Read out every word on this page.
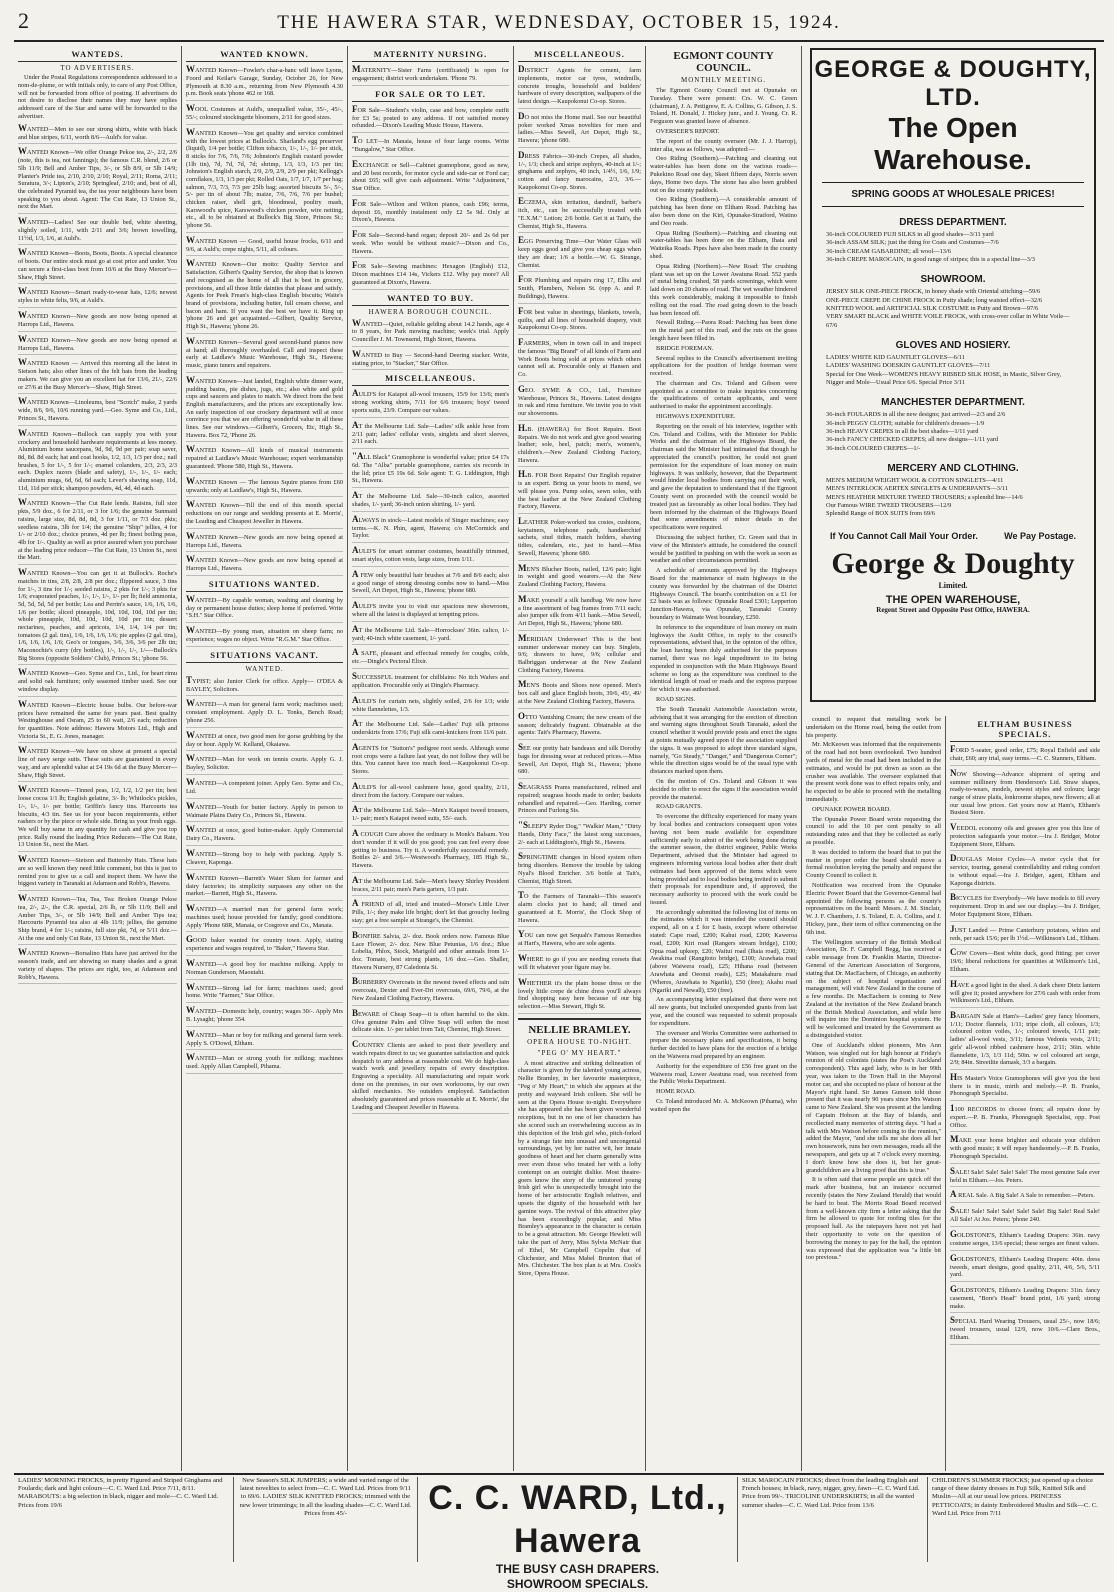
2	THE HAWERA STAR, WEDNESDAY, OCTOBER 15, 1924.
WANTEDS.
TO ADVERTISERS.

Under the Postal Regulations correspondence addressed to a nom-de-plume, or with initials only, to care of any Post Office, will not be forwarded from office of posting. If advertisers do not desire to disclose their names they may have replies addressed care of the Star and same will be forwarded to the advertiser.

WANTED—Men to see our strong shirts, white with black and blue stripes, 6/11, worth 8/6—Auld's for value.

WANTED Known—We offer Orange Pekoe tea, 2/-, 2/2, 2/6 (note, this is tea, not fannings); the famous C.R. blend, 2/6 or 5lb 11/9; Bell and Amber Tips, 3/-, or 5lb 8/9, or 5lb 14/9; Planter's Pride tea, 2/10, 2/10, 2/10; Royal, 2/11; Roma, 2/11; Suratura, 3/-; Lipton's, 2/10; Springleaf, 2/10; and, best of all, the celebrated Pyramid tea, the tea your neighbours have been speaking to you about. Agent: The Cut Rate, 13 Union St., next the Mart.

WANTED—Ladies! See our double bed, white sheeting, slightly soiled, 1/11, with 2/11 and 3/6; brown towelling, 11½d, 1/3, 1/6, at Auld's.

WANTED Known—Boots, Boots, Boots. A special clearance of boots. Our entire stock must go at cost price and under. You can secure a first-class boot from 10/6 at the Busy Mercer's—Shaw, High Street.

WANTED Known—Smart ready-to-wear hats, 12/6; newest styles in white felts, 9/6, at Auld's.

WANTED Known—New goods are now being opened at Harrops Ltd., Hawera.

WANTED Known—New goods are now being opened at Harrops Ltd., Hawera.

WANTED Known — Arrived this morning all the latest in Sietson hats; also other lines of the felt hats from the leading makers. We can give you an excellent hat for 13/6, 21/-, 22/6 or 27/6 at the Busy Mercer's—Shaw, High Street.

WANTED Known—Linoleums, best "Scotch" make, 2 yards wide, 8/6, 9/6, 10/6 running yard.—Geo. Syme and Co., Ltd., Princes St., Hawera.

WANTED Known—Bullock can supply you with your crockery and household hardware requirements at less money. Aluminium home saucepans, 9d, 9d, 9d per pair; soap saver, 8d, 8d. 8d each; hat and coat hooks, 1/2, 1/3, 1/3 per doz.; nail brushes, 5 for 1/-, 5 for 1/-; enamel colanders, 2/3, 2/3, 2/3 each. Duplex razors (blade and safety), 1/-, 1/-, 1/- each; aluminium mugs, 6d, 6d, 6d each; Lever's shaving soap, 11d, 11d, 11d per stick; shampoo powders, 4d, 4d, 4d each.

WANTED Known—The Cut Rate lends. Raisins, full size pkts, 5/9 doz., 6 for 2/11, or 3 for 1/6; the genuine Sunmaid raisins, large size, 8d, 8d, 8d, 3 for 1/11, or 7/3 doz. pkts; seedless raisins, 3lb for 1/4; the genuine "Ship" jellies, 4 for 1/- or 2/10 doz.; choice prunes, 4d per lb; finest boiling peas, 4lb for 1/-. Quality as well as price assured when you purchase at the leading price reducer—The Cut Rate, 13 Union St., next the Mart.

WANTED Known—You can get it at Bullock's. Roche's matches in tins, 2/8, 2/8, 2/8 per doz.; flippered sauce, 3 tins for 1/-, 3 tins for 1/-; seeded raisins, 2 pkts for 1/-; 3 pkts for 1/6; evaporated peaches, 1/-, 1/-, 1/-, 1/- per lb; field ammonia, 5d, 5d, 5d, 5d per bottle; Lea and Perrin's sauce, 1/6, 1/6, 1/6, 1/6 per bottle; sliced pineapple, 10d, 10d, 10d, 10d per tin; whole pineapple, 10d, 10d, 10d, 10d per tin; dessert nectarines, peaches, and apricots, 1/4, 1/4, 1/4 per tin; tomatoes (2 gal. tins), 1/6, 1/6, 1/6, 1/6; pie apples (2 gal. tins), 1/6, 1/6, 1/6, 1/6; Geo's or tongues, 3/6, 3/6, 3/6 per 2lb tin; Maconochie's curry (dry bottles), 1/-, 1/-, 1/-, 1/-—Bullock's Big Stores (opposite Soldiers' Club), Princes St.; 'phone 56.

WANTED Known—Geo. Syme and Co., Ltd., for heart rimu and solid oak furniture; only seasoned timber used. See our window display.

WANTED Known—Electric house bulbs. Our before-war prices have remained the same for years past. Best quality Westinghouse and Osram, 25 to 60 watt, 2/6 each; reduction for quantities. Note address: Hawera Motors Ltd., High and Victoria St., E. G. Jones, manager.

WANTED Known—We have on show at present a special line of navy serge suits. These suits are guaranteed in every way, and are splendid value at £4 19s 6d at the Busy Mercer—Shaw, High Street.

WANTED Known—Tinned peas, 1/2, 1/2, 1/2 per tin; best loose cocoa 1/1 lb; English gelatine, 3/- lb; Whitlock's pickles, 1/-, 1/-, 1/- per bottle; Griffin's fancy tins. Harcourts tea biscuits, 4/3 tin. See us for your bacon requirements, either rashers or by the piece or whole side. Bring us your fresh eggs. We will buy same in any quantity for cash and give you top price. Rally round the leading Price Reducers—The Cut Rate, 13 Union St., next the Mart.

WANTED Known—Stetson and Buttersby Hats. These hats are so well known they need little comment, but this is just to remind you to give us a call and inspect them. We have the biggest variety in Taranaki at Adamson and Robb's, Hawera.

WANTED Known—Tea, Tea, Tea: Broken Orange Pekoe tea, 2/-, 2/-, the C.R. special, 2/6 lb, or 5lb 11/9; Bell and Amber Tips, 3/-, or 5lb 14/9; Bell and Amber Tips tea; Harcourts Pyramid tea also at 4lb 11/9; jellies, the genuine Ship brand, 4 for 1/-; raisins, full size pkt, 7d, or 5/11 doz.—At the one and only Cut Rate, 13 Union St., next the Mart.

WANTED Known—Borsalino Hats have just arrived for the season's trade, and are showing so many shades and a great variety of shapes. The prices are right, too, at Adamson and Robb's, Hawera.

WANTED KNOWN.

WANTED Known—Fowler's char-a-banc will leave Lyons, Foord and Keilar's Garage, Sunday, October 26, for New Plymouth at 8.30 a.m., returning from New Plymouth 4.30 p.m. Book seats 'phone 462 or 168.

WOOL Costumes at Auld's, unequalled value, 35/-, 45/-, 55/-; coloured stockingette bloomers, 2/11 for good sizes.

WANTED Known—You get quality and service combined with the lowest prices at Bullock's. Sharland's egg preserver (liquid), 1/4 per bottle; Clifton tobacco, 1/-, 1/-, 1/- per stick, 8 sticks for 7/6, 7/6, 7/6; Johnston's English custard powder (1lb tin), 7d, 7d, 7d, 7d; shrimp, 1/3, 1/3, 1/3 per tin; Johnston's English starch, 2/9, 2/9, 2/9, 2/9 per pkt; Kellogg's cornflakes, 1/3, 1/3 per pkt; Rolled Oats, 1/7, 1/7, 1/7 per bag; salmon, 7/3, 7/3, 7/3 per 25lb bag; assorted biscuits 5/-, 5/-, 5/- per tin of about 7lb; maize, 7/6, 7/6, 7/6 per bushel; chicken raiser, shell grit, bloodmeal, poultry mash, Karswood's spice, Karswood's chicken powder, wire netting, etc., all to be obtained at Bullock's Big Store, Princes St.; 'phone 56.

WANTED Known — Good, useful house frocks, 6/11 and 9/6, at Auld's; crepe nights, 5/11, all colours.

WANTED Known—Our motto: Quality Service and Satisfaction. Gilbert's Quality Service, the shop that is known and recognised as the home of all that is best in grocery, provisions, and all those little dainties that please and satisfy. Agents for Peek Frean's high-class English biscuits; Waite's brand of provisions, including butter, full cream cheese, and bacon and ham. If you want the best we have it. Ring up 'phone 26 and get acquainted.—Gilbert, Quality Service, High St., Hawera; 'phone 26.

WANTED Known—Several good second-hand pianos now at hand; all thoroughly overhauled. Call and inspect these early at Laidlaw's Music Warehouse, High St., Hawera; music, piano tuners and repairers.

WANTED Known—Just landed, English white dinner ware, pudding basins, pie dishes, jugs, etc.; also white and gold cups and saucers and plates to match. We direct from the best English manufacturers, and the prices are exceptionally low. An early inspection of our crockery department will at once convince you that we are offering wonderful value in all these lines. See our windows.—Gilbert's, Grocers, Etc, High St., Hawera. Box 72, 'Phone 26.

WANTED Known—All kinds of musical instruments repaired at Laidlaw's Music Warehouse; expert workmanship guaranteed. 'Phone 580, High St., Hawera.

WANTED Known — The famous Squire pianos from £60 upwards; only at Laidlaw's, High St., Hawera.

WANTED Known—Till the end of this month special reductions on our range and wedding presents at E. Morris', the Leading and Cheapest Jeweller in Hawera.

WANTED Known—New goods are now being opened at Harrops Ltd., Hawera.

WANTED Known—New goods are now being opened at Harrops Ltd., Hawera.

SITUATIONS WANTED.

WANTED—By capable woman, washing and cleaning by day or permanent house duties; sleep home if preferred. Write "S.H." Star Office.

WANTED—By young man, situation on sheep farm; no experience; wages no object. Write "R.G.M." Star Office.

SITUATIONS VACANT.
WANTED.

TYPIST; also Junior Clerk for office. Apply— O'DEA & BAYLEY, Solicitors.

WANTED—A man for general farm work; machines used; constant employment. Apply D. L. Tonks, Bench Road; 'phone 256.

WANTED at once, two good men for gorse grubbing by the day or hour. Apply W. Kelland, Okaiawa.

WANTED—Man for work on tennis courts. Apply G. J. Bayley, Solicitor.

WANTED—A competent joiner. Apply Geo. Syme and Co., Ltd.

WANTED—Youth for butter factory. Apply in person to Waimate Plains Dairy Co., Princes St., Hawera.

WANTED at once, good butter-maker. Apply Commercial Dairy Co., Hawera.

WANTED—Strong boy to help with packing. Apply S. Cleaver, Kaponga.

WANTED Known—Barrett's Water Slum for farmer and dairy factories; its simplicity surpasses any other on the market.—Barrett, High St., Hawera.

WANTED—A married man for general farm work; machines used; house provided for family; good conditions. Apply 'Phone 68R, Manaia, or Cosgrove and Co., Manaia.

GOOD baker wanted for country town. Apply, stating experience and wages required, to "Baker," Hawera Star.

WANTED—A good boy for machine milking. Apply to Norman Gunderson, Maoutahi.

WANTED—Strong lad for farm; machines used; good home. Write "Farmer," Star Office.

WANTED—Domestic help, country; wages 30/-. Apply Mrs B. Lysaght; 'phone 354.

WANTED—Man or boy for milking and general farm work. Apply S. O'Dowd, Eltham.

WANTED—Man or strong youth for milking; machines used. Apply Allan Campbell, Pihama.

MATERNITY NURSING.

MATERNITY—Sister Farns (certificated) is open for engagement; district work undertaken. 'Phone 79.

FOR SALE OR TO LET.

FOR Sale—Student's violin, case and bow, complete outfit for £3 5s; posted to any address. If not satisfied money refunded.—Dixon's Leading Music House, Hawera.

TO LET—In Manaia, house of four large rooms. Write "Bungalow," Star Office.

EXCHANGE or Sell—Cabinet gramophone, good as new, and 20 best records, for motor cycle and side-car or Ford car; about £65; will give cash adjustment. Write "Adjustment," Star Office.

FOR Sale—Wilton and Wilton pianos, cash £96; terms, deposit £6, monthly instalment only £2 5s 9d. Only at Dixon's, Hawera.

FOR Sale—Second-hand organ; deposit 20/- and 2s 6d per week. Who would be without music?—Dixon and Co., Hawera.

FOR Sale—Sewing machines: Hexagon (English) £12, Dixon machines £14 14s, Vickers £12. Why pay more? All guaranteed at Dixon's, Hawera.

WANTED TO BUY.
HAWERA BOROUGH COUNCIL.

WANTED—Quiet, reliable gelding about 14.2 hands, age 4 to 8 years, for Park mowing machine; week's trial. Apply Counciller J. M. Townsend, High Street, Hawera.

WANTED to Buy — Second-hand Deering stacker. Write, stating price, to "Stacker," Star Office.

MISCELLANEOUS.

AULD'S for Kaiapoi all-wool trousers, 15/9 for 13/6; men's strong working shirts, 7/11 for 6/6 trousers; boys' tweed sports suits, 23/9. Compare our values.

AT the Melbourne Ltd. Sale—Ladies' silk ankle hose from 2/11 pair; ladies' cellular vests, singlets and short sleeves, 2/11 each.

"ALL Black" Gramophone is wonderful value; price £4 17s 6d. The "Alba" portable gramophone, carries six records in the lid; price £5 19s 6d. Sole agent: T. G. Liddington, High St., Hawera.

AT the Melbourne Ltd. Sale—30-inch calico, assorted shades, 1/- yard; 36-inch union shirting, 1/- yard.

ALWAYS in stock—Latest models of Singer machines; easy terms.—K. N. Phin, agent, Hawera; c/o McCormick and Taylor.

AULD'S for smart summer costumes, beautifully trimmed, smart styles, cotton vests, large sizes, from 1/11.

A FEW only beautiful hair brushes at 7/6 and 8/6 each; also a good range of strong dressing combs now to hand.—Miss Sewell, Art Depot, High St., Hawera; 'phone 680.

AULD'S invite you to visit our spacious new showroom, where all the latest is displayed at tempting prices.

AT the Melbourne Ltd. Sale—Horrockses' 36in. calico, 1/- yard; 40-inch white casement, 1/- yard.

A SAFE, pleasant and effectual remedy for coughs, colds, etc.—Dingle's Pectoral Elixir.

SUCCESSFUL treatment for chilblains: No itch Wafers and application. Procurable only at Dingle's Pharmacy.

AULD'S for curtain nets, slightly soiled, 2/6 for 1/3; wide white flannelettes, 1/3.

AT the Melbourne Ltd. Sale—Ladies' Fuji silk princess underskirts from 17/6; Fuji silk cami-knickers from 11/6 pair.

AGENTS for "Sutton's" pedigree root seeds. Although some root crops were a failure last year, do not follow they will be this. You cannot have too much feed.—Kaupokonui Co-op. Stores.

AULD'S for all-wool cashmere hose, good quality, 2/11, direct from the factory. Compare our values.

AT the Melbourne Ltd. Sale—Men's Kaiapoi tweed trousers, 1/- pair; men's Kaiapoi tweed suits, 55/- each.

A COUGH Cure above the ordinary is Monk's Balsam. You don't wonder if it will do you good; you can feel every dose getting to business. Try it. A wonderfully successful remedy. Bottles 2/- and 3/6.—Westwood's Pharmacy, 185 High St., Hawera.

AT the Melbourne Ltd. Sale—Men's heavy Shirley President braces, 2/11 pair; men's Paris garters, 1/3 pair.

A FRIEND of all, tried and trusted—Morse's Little Liver Pills, 1/-; they make life bright; don't let that grouchy feeling stay; get a free sample at Strange's, the Chemist.

BONFIRE Salvia, 2/- doz. Book orders now. Famous Blue Lace Flower, 2/- doz. New Blue Petunias, 1/6 doz.; Blue Lobelia, Phlox, Stock, Marigold and other annuals from 1/- doz. Tomato, best strong plants, 1/6 doz.—Geo. Shaller, Hawera Nursery, 87 Caledonia St.

BURBERRY Overcoats in the newest tweed effects and rain overcoats, Dexter and Ever-Dri overcoats, 69/6, 79/6, at the New Zealand Clothing Factory, Hawera.

BEWARE of Cheap Soap—it is often harmful to the skin. Olva genuine Palm and Olive Soap will soften the most delicate skin. 1/- per tablet from Tait, Chemist, High Street.

COUNTRY Clients are asked to post their jewellery and watch repairs direct to us; we guarantee satisfaction and quick despatch to any address at reasonable cost. We do high-class watch work and jewellery repairs of every description. Engraving a speciality. All manufacturing and repair work done on the premises, in our own workrooms, by our own skilled mechanics. No outsiders employed. Satisfaction absolutely guaranteed and prices reasonable at E. Morris', the Leading and Cheapest Jeweller in Hawera.

MISCELLANEOUS.

DISTRICT Agents for cement, farm implements, motor car tyres, windmills, concrete troughs, household and builders' hardware of every description, wallpapers of the latest design.—Kaupokonui Co-op. Stores.

DO not miss the Home mail. See our beautiful poker worked Xmas novelties for men and ladies.—Miss Sewell, Art Depot, High St., Hawera; 'phone 680.

DRESS Fabrics—30-inch Crepes, all shades, 1/-, 1/3; check and stripe zephyrs, 40-inch at 1/-; ginghams and zephyrs, 40 inch, 1/4½, 1/6, 1/9; cotton and fancy marocains, 2/3, 3/6.—Kaupokonui Co-op. Stores.

ECZEMA, skin irritation, dandruff, barber's itch, etc., can be successfully treated with "E.X.M." Lotion; 2/6 bottle. Get it at Tait's, the Chemist, High St., Hawera.

EGG Preserving Time—Our Water Glass will keep eggs good and give you cheap eggs when they are dear; 1/6 a bottle.—W. G. Strange, Chemist.

FOR Plumbing and repairs ring 17, Ellis and Smith, Plumbers, Nelson St. (opp A. and P. Buildings), Hawera.

FOR best value in sheetings, blankets, towels, quilts, and all lines of household drapery, visit Kaupokonui Co-op. Stores.

FARMERS, when in town call in and inspect the famous "Big Brand" of all kinds of Farm and Work Boots being sold at prices which others cannot sell at. Procurable only at Hansen and Co.

GEO. SYME & CO., Ltd., Furniture Warehouse, Princes St., Hawera. Latest designs in oak and rimu furniture. We invite you to visit our showrooms.

H.B. (HAWERA) for Boot Repairs. Boot Repairs. We do not work and give good wearing leather; sole, heel, patch; men's, women's, children's.—New Zealand Clothing Factory, Hawera.

H.B. FOR Boot Repairs! Our English repairer is an expert. Bring us your boots to mend, we will please you. Pump soles, sewn soles, with the best leather at the New Zealand Clothing Factory, Hawera.

LEATHER Poker-worked tea cosies, cushions, keytainers, telephone pads, handkerchief sachets, stud tidies, match holders, shaving tidies, calendars, etc., just to hand.—Miss Sewell, Hawera; 'phone 680.

MEN'S Blucher Boots, nailed, 12/6 pair; light in weight and good wearers.—At the New Zealand Clothing Factory, Hawera.

MAKE yourself a silk handbag. We now have a fine assortment of bag frames from 7/11 each; also jumper silk from 4/11 hank.—Miss Sewell, Art Depot, High St., Hawera; 'phone 680.

MERIDIAN Underwear! This is the best summer underwear money can buy. Singlets, 9/6; drawers to have, 9/6; cellular and Balbriggan underwear at the New Zealand Clothing Factory, Hawera.

MEN'S Boots and Shoes now opened. Men's box calf and glace English boots, 39/6, 45/, 49/ at the New Zealand Clothing Factory, Hawera.

OTTO Vanishing Cream; the new cream of the season; delicately fragrant. Obtainable at the agents: Tait's Pharmacy, Hawera.

SEE our pretty hair bandeaux and silk Dorothy bags for dressing wear at reduced prices.—Miss Sewell, Art Depot, High St., Hawera; 'phone 680.

SEAGRASS Prams manufactured, relined and repaired; seagrass hoods made to order; baskets rehandled and repaired.—Geo. Harding, corner Princes and Furlong Sts.

"SLEEPY Ryder Dog," "Walkin' Mam," "Dirty Hands, Dirty Face," the latest song successes, 2/- each at Liddington's, High St., Hawera.

SPRINGTIME changes in blood system often bring disorders. Remove the trouble by taking Nyal's Blood Enricher. 3/6 bottle at Tait's, Chemist, High Street.

TO the Farmers of Taranaki—This season's alarm clocks just to hand; all timed and guaranteed at E. Morris', the Clock Shop of Hawera.

YOU can now get Sequah's Famous Remedies at Hart's, Hawera, who are sole agents.

WHERE to go if you are needing corsets that will fit whatever your figure may be.

WHETHER it's the plain house dress or the lovely little crepe de chine dress you'll always find shopping easy here because of our big selection.—Miss Stewart, High St.

NELLIE BRAMLEY.
OPERA HOUSE TO-NIGHT.
"PEG O' MY HEART."

A most attractive and striking delineation of character is given by the talented young actress, Nellie Bramley, in her favourite masterpiece, "Peg o' My Heart," in which she appears at the pretty and wayward Irish colleen. She will be seen at the Opera House to-night. Everywhere she has appeared she has been given wonderful receptions, but in no one of her characters has she scored such an overwhelming success as in this depiction of the Irish girl who, pitch-forked by a strange fate into unusual and uncongenial surroundings, yet by her native wit, her innate goodness of heart and her charm generally wins over even those who treated her with a lofty contempt on an outright dislike. Most theatre-goers know the story of the untutored young Irish girl who is unexpectedly brought into the home of her aristocratic English relatives, and upsets the dignity of the household with her gamine ways. The revival of this attractive play has been exceedingly popular, and Miss Bramley's appearance in the character is certain to be a great attraction. Mr. George Hewlett will take the part of Jerry, Miss Sylvia McNair that of Ethel, Mr Campbell Copelin that of Chichester, and Miss Mabel Brunton that of Mrs. Chichester. The box plan is at Mrs. Cook's Store, Opera House.

EGMONT COUNTY COUNCIL.
MONTHLY MEETING.

The Egmont County Council met at Opunake on Tuesday. There were present: Crs. W. C. Green (chairman), J. A. Pettigrew, E. A. Collins, G. Gibson, J. S. Toland, H. Donald, J. Hickey junr., and J. Young. Cr. R. Ferguson was granted leave of absence.

OVERSEER'S REPORT.

The report of the county overseer (Mr. J. J. Harrop), inter alia, was as follows, was adopted:—

Oeo Riding (Southern).—Patching and cleaning out water-tables has been done on the various roads—Pukekino Road one day, Skeet fifteen days, Norris seven days, Home two days. The stone has also been grubbed out on the county paddock.

Oeo Riding (Southern).—A considerable amount of patching has been done on Eltham Road. Patching has also been done on the Kiri, Opunake-Stratford, Watino and Oeo roads.

Opua Riding (Southern).—Patching and cleaning out water-tables has been done on the Eltham, Ihaia and Waiteika Roads. Pipes have also been made in the county shed.

Opua Riding (Northern).—New Road: The crushing plant was set up on the Lower Awatuna Road. 552 yards of metal being crushed, 58 yards screenings, which were laid down on 20 chains of road. The wet weather hindered this work considerably, making it impossible to finish rolling out the road. The road going down to the beach has been fenced off.

Newall Riding.—Paora Road: Patching has been done on the metal part of this road, and the ruts on the grass length have been filled in.

BRIDGE FOREMAN.

Several replies to the Council's advertisement inviting applications for the position of bridge foreman were received.

The chairman and Crs. Toland and Gibson were appointed as a committee to make inquiries concerning the qualifications of certain applicants, and were authorised to make the appointment accordingly.

HIGHWAYS EXPENDITURE.

Reporting on the result of his interview, together with Crs. Toland and Collins, with the Minister for Public Works and the chairman of the Highways Board, the chairman said the Minister had intimated that though he appreciated the council's position, he could not grant permission for the expenditure of loan money on main highways. It was unlikely, however, that the Department would hinder local bodies from carrying out their work, and gave the deputation to understand that if the Egmont County went on proceeded with the council would be treated just as favourably as other local bodies. They had been informed by the chairman of the Highways Board that some amendments of minor details in the specifications were required.

Discussing the subject further, Cr. Green said that in view of the Minister's attitude, he considered the council would be justified in pushing on with the work as soon as weather and other circumstances permitted.

A schedule of amounts approved by the Highways Board for the maintenance of main highways in the county was forwarded by the chairman of the District Highways Council. The board's contribution on a £1 for £2 basis was as follows: Opunake Road £301; Lepperton Junction-Hawera, via Opunake, Taranaki County boundary to Waimate West boundary, £250.

In reference to the expenditure of loan money on main highways the Audit Office, in reply to the council's representations, advised that, in the opinion of the office, the loan having been duly authorised for the purposes named, there was no legal impediment to its being expended in conjunction with the Main Highways Board scheme so long as the expenditure was confined to the identical length of road or roads and the express purpose for which it was authorised.

ROAD SIGNS.

The South Taranaki Automobile Association wrote, advising that it was arranging for the erection of direction and warning signs throughout South Taranaki, asked the council whether it would provide posts and erect the signs at points mutually agreed upon if the association supplied the signs. It was proposed to adopt three standard signs, namely, "Go Steady," "Danger," and "Dangerous Corner"; while the direction signs would be of the usual type with distances marked upon them.

On the motion of Crs. Toland and Gibson it was decided to offer to erect the signs if the association would provide the material.

ROAD GRANTS.

To overcome the difficulty experienced for many years by local bodies and contractors consequent upon votes having not been made available for expenditure sufficiently early to admit of the work being done during the summer season, the district engineer, Public Works Department, advised that the Minister had agreed to engineers informing various local bodies after their draft estimates had been approved of the items which were being provided and to local bodies being invited to submit their proposals for expenditure and, if approved, the necessary authority to proceed with the work could be issued.

He accordingly submitted the following list of items on the estimates which it was intended the council should expend, all on a £ for £ basis, except where otherwise stated: Cape road, £200; Kahui road, £200; Kaweroa road, £200; Kiri road (Rangers stream bridge), £100; Opua road upkeep, £20; Waitui road (Ihaia road), £200; Awakina road (Rangitoto bridge), £100; Arawhata road (above Waiwera road), £25; Hihana road (between Arawhata and Oeonui roads), £25; Matakahuru road (Wheres, Arawhata to Ngariki), £50 (free); Akahu road (Ngariki and Newall), £50 (free).

An accompanying letter explained that there were not all new grants, but included unexpended grants from last year, and the council was requested to submit proposals for expenditure.

The overseer and Works Committee were authorised to prepare the necessary plans and specifications, it being further decided to have plans for the erection of a bridge on the Waiwera road prepared by an engineer.

Authority for the expenditure of £56 free grant on the Waiwera road, Lower Awatuna road, was received from the Public Works Department.

HOME ROAD.

Cr. Toland introduced Mr. A. McKeown (Pihama), who waited upon the

GEORGE & DOUGHTY, LTD.
The Open Warehouse.
SPRING GOODS AT WHOLESALE PRICES!
DRESS DEPARTMENT.

36-inch COLOURED FUJI SILKS in all good shades—3/11 yard

36-inch ASSAM SILK; just the thing for Coats and Costumes—7/6

36-inch CREAM GABARDINE; all wool—13/6

36-inch CREPE MAROCAIN, in good range of stripes; this is a special line—3/3

SHOWROOM.

JERSEY SILK ONE-PIECE FROCK, in honey shade with Oriental stitching—59/6

ONE-PIECE CREPE DE CHINE FROCK in Putty shade; long waisted effect—32/6

KNITTED WOOL and ARTIFICIAL SILK COSTUME in Putty and Brown—97/6

VERY SMART BLACK and WHITE VOILE FROCK, with cross-over collar in White Voile—67/6

GLOVES AND HOSIERY.

LADIES' WHITE KID GAUNTLET GLOVES—6/11

LADIES' WASHING DOESKIN GAUNTLET GLOVES—7/11

Special for One Week—WOMEN'S HEAVY RIBBED SILK HOSE, in Mastic, Silver Grey, Nigger and Mole—Usual Price 6/6. Special Price 3/11

MANCHESTER DEPARTMENT.

36-inch FOULARDS in all the new designs; just arrived—2/3 and 2/6

36-inch PEGGY CLOTH; suitable for children's dresses—1/9

36-inch HEAVY CREPES in all the best shades—1/11 yard

36-inch FANCY CHECKED CREPES; all new designs—1/11 yard

36-inch COLOURED CREPES—1/-

MERCERY AND CLOTHING.

MEN'S MEDIUM WEIGHT WOOL & COTTON SINGLETS—4/11

MEN'S INTERLOCK AERTEX SINGLETS & UNDERPANTS—3/11

MEN'S HEATHER MIXTURE TWEED TROUSERS; a splendid line—14/6

Our Famous WIRE TWEED TROUSERS—12/9

Splendid Range of BOX SUITS from 69/6

If You Cannot Call Mail Your Order.	We Pay Postage.
George & Doughty
Limited.
THE OPEN WAREHOUSE,
Regent Street and Opposite Post Office, HAWERA.

council to request that metalling work be undertaken on the Home road, being the outlet from his property.

Mr. McKeown was informed that the requirements of the road had not been overlooked. Two hundred yards of metal for the road had been included in the estimates, and would be put down as soon as the crusher was available. The overseer explained that the present work done was to effect repairs only, and he expected to be able to proceed with the metalling immediately.

OPUNAKE POWER BOARD.

The Opunake Power Board wrote requesting the council to add the 10 per cent penalty to all outstanding rates and that they be collected as early as possible.

It was decided to inform the board that to put the matter in proper order the board should move a formal resolution levying the penalty and request the County Council to collect it.

Notification was received from the Opunake Electric Power Board that the Governor-General had appointed the following persons as the county's representatives on the board: Messrs. J. M. Sinclair, W. J. F. Chambers, J. S. Toland, E. A. Collins, and J. Hickey, junr., their term of office commencing on the 6th inst.

The Wellington secretary of the British Medical Association, Dr. F. Campbell Begg, has received a cable message from Dr. Franklin Martin, Director-General of the American Association of Surgeons, stating that Dr. MacEachern, of Chicago, an authority on the subject of hospital organisation and management, will visit New Zealand in the course of a few months. Dr. MacEachern is coming to New Zealand at the invitation of the New Zealand branch of the British Medical Association, and while here will inquire into the Dominion hospital system. He will be welcomed and treated by the Government as a distinguished visitor.

One of Auckland's oldest pioneers, Mrs Ann Watson, was singled out for high honour at Friday's reunion of old colonists (states the Post's Auckland correspondent). This aged lady, who is in her 99th year, was taken to the Town Hall in the Mayoral motor car, and she occupied no place of honour at the Mayor's right hand. Sir James Gunson told those present that it was nearly 90 years since Mrs Watson came to New Zealand. She was present at the landing of Captain Hobson at the Bay of Islands, and recollected many memories of stirring days. "I had a talk with Mrs Watson before coming to the reunion," added the Mayor, "and she tells me she does all her own housework, runs her own messages, reads all the newspapers, and gets up at 7 o'clock every morning. I don't know how she does it, but her great-grandchildren are a living proof that this is true."

It is often said that some people are quick off the mark after business, but an instance occurred recently (states the New Zealand Herald) that would be hard to beat. The Morris Road Board received from a well-known city firm a letter asking that the firm be allowed to quote for roofing tiles for the proposed hall. As the ratepayers have not yet had their opportunity to vote on the question of borrowing the money to pay for the hall, the opinion was expressed that the application was "a little bit too previous."

ELTHAM BUSINESS SPECIALS.

FORD 5-seater, good order, £75; Royal Enfield and side chair, £60; any trial, easy terms.—C. C. Stanners, Eltham.

NOW Showing—Advance shipment of spring and summer millinery from Henderson's Ltd. Straw shapes, ready-to-wears, models, newest styles and colours; large range of straw plaits, lonkroome shapes, new flowers; all at our usual low prices. Get yours now at Ham's, Eltham's Busiest Store.

VEEDOL economy oils and greases give you this line of protection safeguards your motor.—Ira J. Bridger, Motor Equipment Store, Eltham.

DOUGLAS Motor Cycles—A motor cycle that for service, touring, general controllability and riding comfort is without equal.—Ira J. Bridger, agent, Eltham and Kaponga districts.

BICYCLES for Everybody—We have models to fill every requirement. Drop in and see our display.—Ira J. Bridger, Motor Equipment Store, Eltham.

JUST Landed — Prime Canterbury potatoes, whites and reds, per sack 15/6; per lb 1½d.—Wilkinson's Ltd., Eltham.

COW Covers—Best white duck, good fitting; per cover 19/6; liberal reductions for quantities at Wilkinson's Ltd., Eltham.

HAVE a good light in the shed. A dark cheer Dietz lantern will give it; posted anywhere for 27/6 cash with order from Wilkinson's Ltd., Eltham.

BARGAIN Sale at Ham's—Ladies' grey fancy bloomers, 1/11; Doctor flannels, 1/11; tripe cloth, all colours, 1/3; coloured cotton voiles, 1/-; coloured towels, 1/11 pair; ladies' all-wool vests, 3/11; famous Vedonis vests, 2/11; girls' all-wool ribbed cashmere hose, 2/11; 36in. white flannelette, 1/3, 1/3 11d; 50in. w col coloured art serge, 2/9; 84in. Streetlite damask, 3/3 a bargain.

HIS Master's Voice Gramophones will give you the best there is in music, mirth and melody.—P. B. Franks, Phonograph Specialist.

1100 RECORDS to choose from; all repairs done by expert.—P. B. Franks, Phonograph Specialist, opp. Post Office.

MAKE your home brighter and educate your children with good music; it will repay handsomely.—P. B. Franks, Phonograph Specialist.

SALE! Sale! Sale! Sale! Sale! The most genuine Sale ever held in Eltham.—Jos. Peters.

A REAL Sale. A Big Sale! A Sale to remember.—Peters.

SALE! Sale! Sale! Sale! Sale! Sale! Big Sale! Real Sale! All Sale! At Jos. Peters; 'phone 240.

GOLDSTONE'S, Eltham's Leading Drapers: 36in. navy costume serges, 13/6 special; these serges are finest values.

GOLDSTONE'S, Eltham's Leading Drapers: 40in. dress tweeds, smart designs, good quality, 2/11, 4/6, 5/6, 5/11 yard.

GOLDSTONE'S, Eltham's Leading Drapers: 31in. fancy casement, "Bore's Head" brand print, 1/6 yard; strong make.

SPECIAL Hard Wearing Trousers, usual 25/-, now 18/6; tweed trousers, usual 12/9, now 10/6.—Clare Bros., Eltham.

LADIES' MORNING FROCKS, in pretty Figured and Striped Ginghams and Foulards; dark and light colours—C. C. Ward Ltd. Price 7/11, 8/11. MARABOUTS: a big selection in black, nigger and mole—C. C. Ward Ltd. Prices from 19/6
New Season's SILK JUMPERS; a wide and varied range of the latest novelties to select from—C. C. Ward Ltd. Prices from 9/11 to 69/6. LADIES' SILK KNITTED FROCKS; trimmed with the new lower trimmings; in all the leading shades—C. C. Ward Ltd. Prices from 45/-	C. C. WARD, Ltd., Hawera
THE BUSY CASH DRAPERS.
SHOWROOM SPECIALS.
SILK MAROCAIN FROCKS; direct from the leading English and French houses; in black, navy, nigger, grey, fawn—C. C. Ward Ltd. Price from 99/-. TRICOLINE UNDERSKIRTS; in all the wanted summer shades—C. C. Ward Ltd. Price from 13/6
CHILDREN'S SUMMER FROCKS; just opened up a choice range of these dainty dresses in Fuji Silk, Knitted Silk and Muslin—All at our usual low prices. PRINCESS PETTICOATS; in dainty Embroidered Muslin and Silk—C. C. Ward Ltd. Price from 7/11
